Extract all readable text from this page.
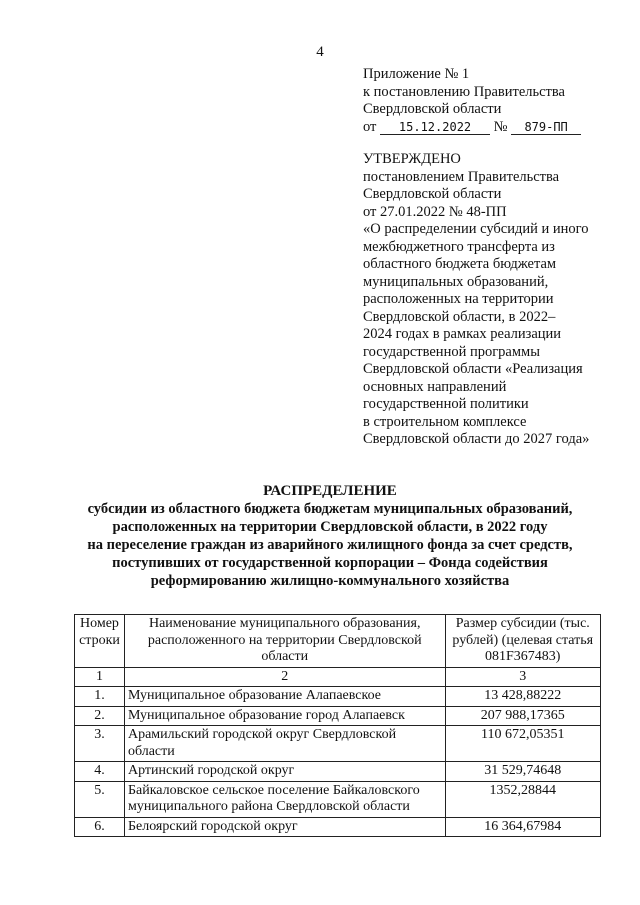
4
Приложение № 1
к постановлению Правительства
Свердловской области
от 15.12.2022 № 879-ПП
УТВЕРЖДЕНО
постановлением Правительства
Свердловской области
от 27.01.2022 № 48-ПП
«О распределении субсидий и иного
межбюджетного трансферта из
областного бюджета бюджетам
муниципальных образований,
расположенных на территории
Свердловской области, в 2022–
2024 годах в рамках реализации
государственной программы
Свердловской области «Реализация
основных направлений
государственной политики
в строительном комплексе
Свердловской области до 2027 года»
РАСПРЕДЕЛЕНИЕ
субсидии из областного бюджета бюджетам муниципальных образований,
расположенных на территории Свердловской области, в 2022 году
на переселение граждан из аварийного жилищного фонда за счет средств,
поступивших от государственной корпорации – Фонда содействия
реформированию жилищно-коммунального хозяйства
Номер строки	Наименование муниципального образования, расположенного на территории Свердловской области	Размер субсидии (тыс. рублей) (целевая статья 081F367483)
1	2	3
1.	Муниципальное образование Алапаевское	13 428,88222
2.	Муниципальное образование город Алапаевск	207 988,17365
3.	Арамильский городской округ Свердловской области	110 672,05351
4.	Артинский городской округ	31 529,74648
5.	Байкаловское сельское поселение Байкаловского муниципального района Свердловской области	1352,28844
6.	Белоярский городской округ	16 364,67984
